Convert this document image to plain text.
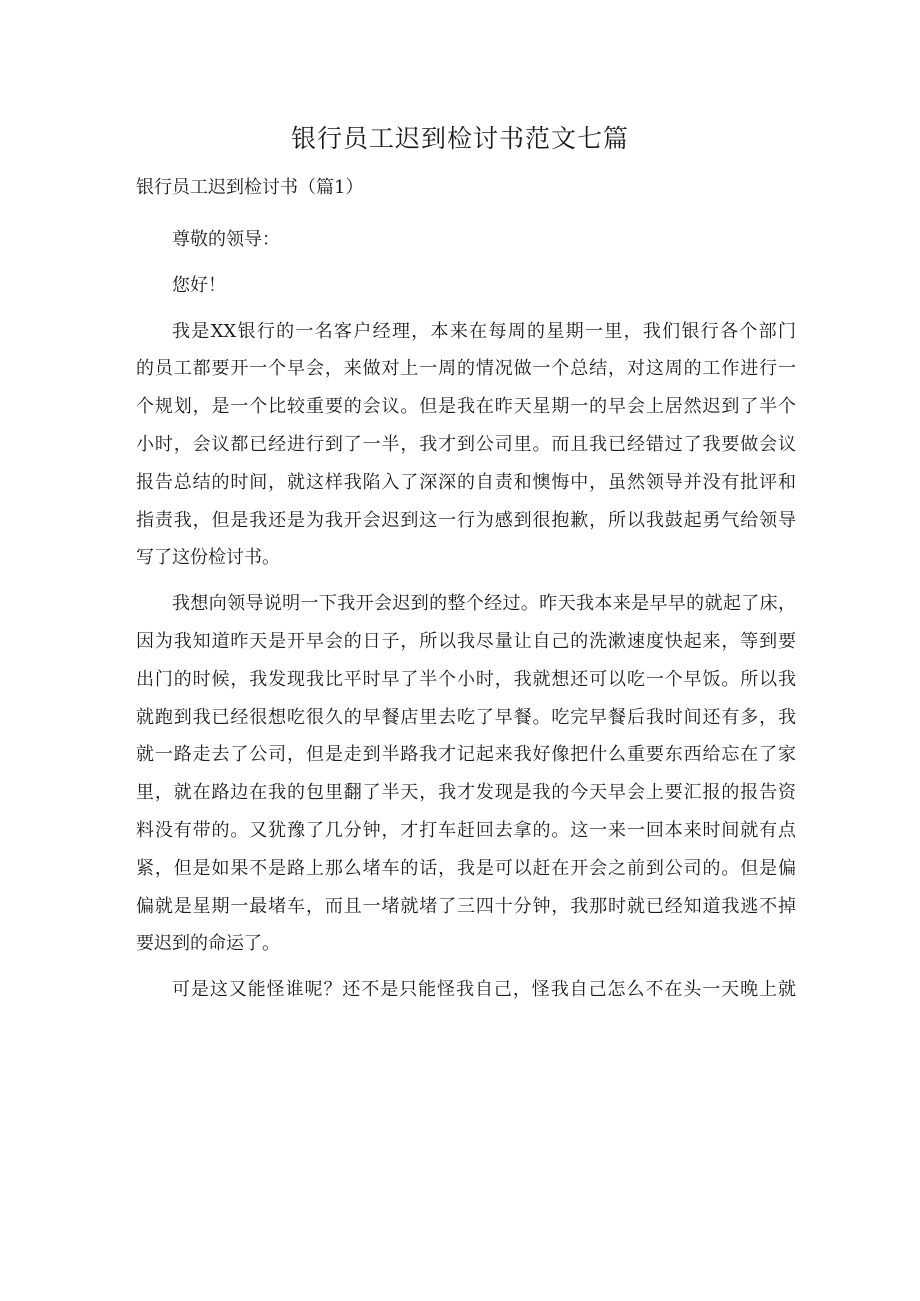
银行员工迟到检讨书范文七篇
银行员工迟到检讨书（篇1）

尊敬的领导：

您好！

我是XX银行的一名客户经理，本来在每周的星期一里，我们银行各个部门
的员工都要开一个早会，来做对上一周的情况做一个总结，对这周的工作进行一
个规划，是一个比较重要的会议。但是我在昨天星期一的早会上居然迟到了半个
小时，会议都已经进行到了一半，我才到公司里。而且我已经错过了我要做会议
报告总结的时间，就这样我陷入了深深的自责和懊悔中，虽然领导并没有批评和
指责我，但是我还是为我开会迟到这一行为感到很抱歉，所以我鼓起勇气给领导
写了这份检讨书。

我想向领导说明一下我开会迟到的整个经过。昨天我本来是早早的就起了床，
因为我知道昨天是开早会的日子，所以我尽量让自己的洗漱速度快起来，等到要
出门的时候，我发现我比平时早了半个小时，我就想还可以吃一个早饭。所以我
就跑到我已经很想吃很久的早餐店里去吃了早餐。吃完早餐后我时间还有多，我
就一路走去了公司，但是走到半路我才记起来我好像把什么重要东西给忘在了家
里，就在路边在我的包里翻了半天，我才发现是我的今天早会上要汇报的报告资
料没有带的。又犹豫了几分钟，才打车赶回去拿的。这一来一回本来时间就有点
紧，但是如果不是路上那么堵车的话，我是可以赶在开会之前到公司的。但是偏
偏就是星期一最堵车，而且一堵就堵了三四十分钟，我那时就已经知道我逃不掉
要迟到的命运了。

可是这又能怪谁呢？还不是只能怪我自己，怪我自己怎么不在头一天晚上就
